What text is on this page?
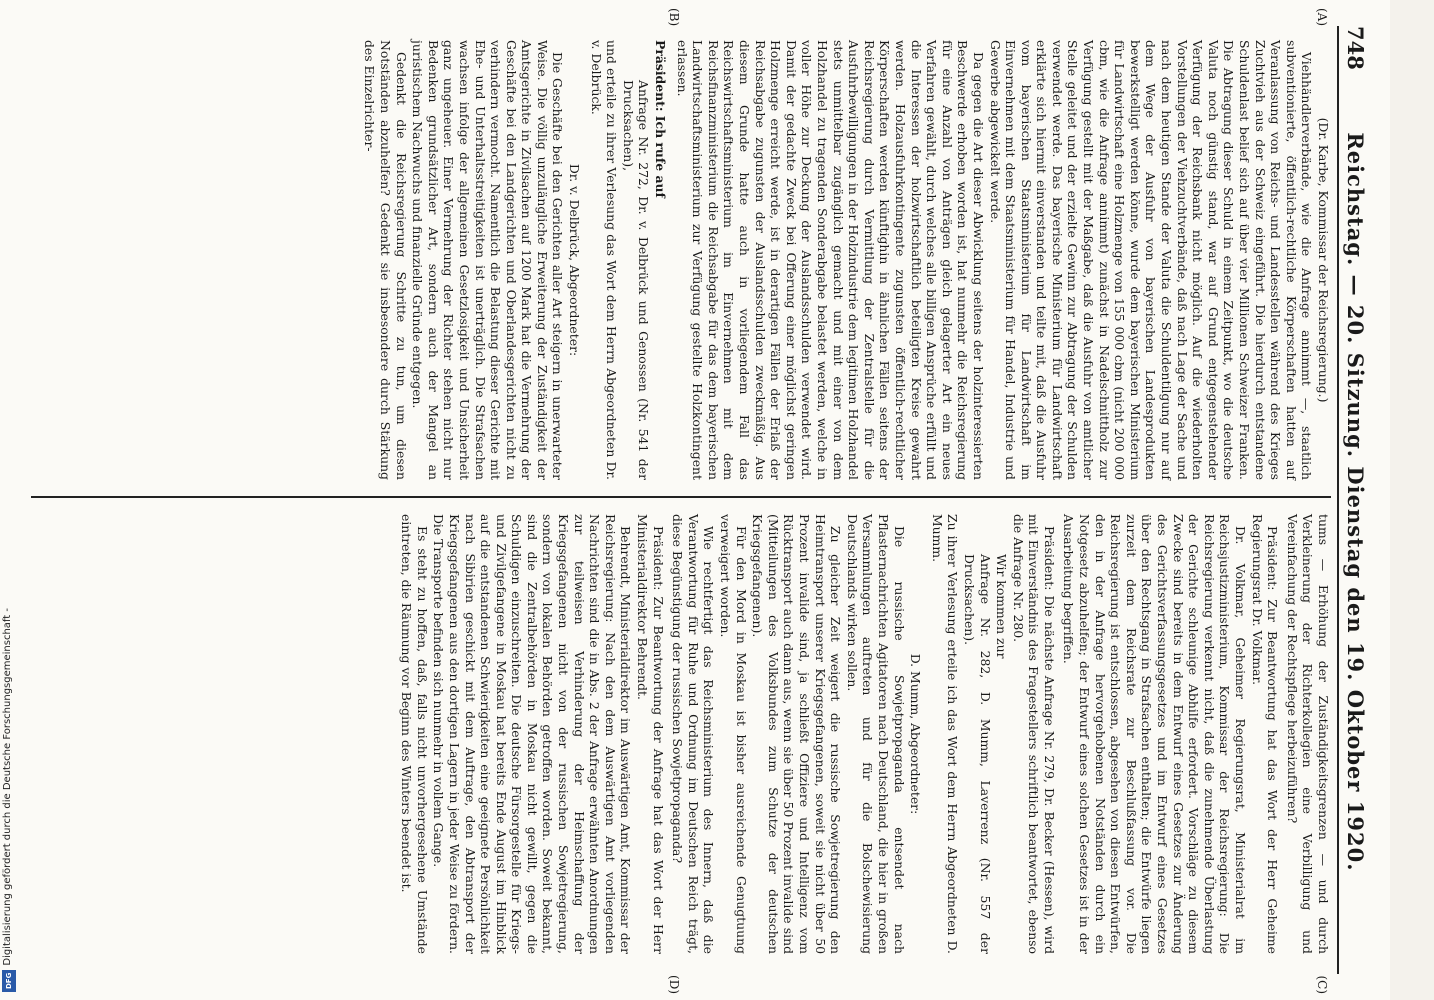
748
Reichstag. — 20. Sitzung. Dienstag den 19. Oktober 1920.
(A)
(B)
(C)
(D)

(Dr. Karbe, Kommissar der Reichsregierung.)

Viehhändlerverbände, wie die Anfrage annimmt —, staatlich subventionierte, öffentlich-rechtliche Körperschaften hatten auf Veranlassung von Reichs- und Landesstellen während des Krieges Zuchtvieh aus der Schweiz eingeführt. Die hierdurch entstandene Schuldenlast belief sich auf über vier Millionen Schweizer Franken. Die Abtragung dieser Schuld in einem Zeitpunkt, wo die deutsche Valuta noch günstig stand, war auf Grund entgegenstehender Verfügung der Reichsbank nicht möglich. Auf die wiederholten Vorstellungen der Viehzuchtverbände, daß nach Lage der Sache und nach dem heutigen Stande der Valuta die Schuldentilgung nur auf dem Wege der Ausfuhr von bayerischen Landesprodukten bewerkstelligt werden könne, wurde dem bayerischen Ministerium für Landwirtschaft eine Holzmenge von 155 000 cbm (nicht 200 000 cbm, wie die Anfrage annimmt) zunächst in Nadelschnittholz zur Verfügung gestellt mit der Maßgabe, daß die Ausfuhr von amtlicher Stelle geleitet und der erzielte Gewinn zur Abtragung der Schulden verwendet werde. Das bayerische Ministerium für Landwirtschaft erklärte sich hiermit einverstanden und teilte mit, daß die Ausfuhr vom bayerischen Staatsministerium für Landwirtschaft im Einvernehmen mit dem Staatsministerium für Handel, Industrie und Gewerbe abgewickelt werde.

Da gegen die Art dieser Abwicklung seitens der holzinteressierten Beschwerde erhoben worden ist, hat nunmehr die Reichsregierung für eine Anzahl von Anträgen gleich gelagerter Art ein neues Verfahren gewählt, durch welches alle billigen Ansprüche erfüllt und die Interessen der holzwirtschaftlich beteiligten Kreise gewahrt werden. Holzausfuhrkontingente zugunsten öffentlich-rechtlicher Körperschaften werden künftighin in ähnlichen Fällen seitens der Reichsregierung durch Vermittlung der Zentralstelle für die Ausfuhrbewilligungen in der Holzindustrie dem legitimen Holzhandel stets unmittelbar zugänglich gemacht und mit einer von dem Holzhandel zu tragenden Sonderabgabe belastet werden, welche in voller Höhe zur Deckung der Auslandsschulden verwendet wird. Damit der gedachte Zweck bei Offerung einer möglichst geringen Holzmenge erreicht werde, ist in derartigen Fällen der Erlaß der Reichsabgabe zugunsten der Auslandsschulden zweckmäßig. Aus diesem Grunde hatte auch in vorliegendem Fall das Reichswirtschaftsministerium im Einvernehmen mit dem Reichsfinanzministerium die Reichsabgabe für das dem bayerischen Landwirtschaftsministerium zur Verfügung gestellte Holzkontingent erlassen.

Präsident: Ich rufe auf

Anfrage Nr. 272, Dr. v. Delbrück und Genossen (Nr. 541 der Drucksachen),

und erteile zu ihrer Verlesung das Wort dem Herrn Abgeordneten Dr. v. Delbrück.

Dr. v. Delbrück, Abgeordneter:

Die Geschäfte bei den Gerichten aller Art steigern in unerwarteter Weise. Die völlig unzulängliche Erweiterung der Zuständigkeit der Amtsgerichte in Zivilsachen auf 1200 Mark hat die Vermehrung der Geschäfte bei den Landgerichten und Oberlandesgerichten nicht zu verhindern vermocht. Namentlich die Belastung dieser Gerichte mit Ehe- und Unterhaltsstreitigkeiten ist unerträglich. Die Strafsachen wachsen infolge der allgemeinen Gesetzlosigkeit und Unsicherheit ganz ungeheuer. Einer Vermehrung der Richter stehen nicht nur Bedenken grundsätzlicher Art, sondern auch der Mangel an juristischem Nachwuchs und finanzielle Gründe entgegen.

Gedenkt die Reichsregierung Schritte zu tun, um diesen Notständen abzuhelfen? Gedenkt sie insbesondere durch Stärkung des Einzelrichter-

tums — Erhöhung der Zuständigkeitsgrenzen — und durch Verkleinerung der Richterkollegien eine Verbilligung und Vereinfachung der Rechtspflege herbeizuführen?

Präsident: Zur Beantwortung hat das Wort der Herr Geheime Regierungsrat Dr. Volkmar.

Dr. Volkmar, Geheimer Regierungsrat, Ministerialrat im Reichsjustizministerium, Kommissar der Reichsregierung: Die Reichsregierung verkennt nicht, daß die zunehmende Überlastung der Gerichte schleunige Abhilfe erfordert. Vorschläge zu diesem Zwecke sind bereits in dem Entwurf eines Gesetzes zur Änderung des Gerichtsverfassungsgesetzes und im Entwurf eines Gesetzes über den Rechtsgang in Strafsachen enthalten; die Entwürfe liegen zurzeit dem Reichsrate zur Beschlußfassung vor. Die Reichsregierung ist entschlossen, abgesehen von diesen Entwürfen, den in der Anfrage hervorgehobenen Notständen durch ein Notgesetz abzuhelfen; der Entwurf eines solchen Gesetzes ist in der Ausarbeitung begriffen.

Präsident: Die nächste Anfrage Nr. 279, Dr. Becker (Hessen), wird mit Einverständnis des Fragestellers schriftlich beantwortet, ebenso die Anfrage Nr. 280.

Wir kommen zur

Anfrage Nr. 282, D. Mumm, Laverrenz (Nr. 557 der Drucksachen).

Zu ihrer Verlesung erteile ich das Wort dem Herrn Abgeordneten D. Mumm.

D. Mumm, Abgeordneter:

Die russische Sowjetpropaganda entsendet nach Pflasternachrichten Agitatoren nach Deutschland, die hier in großen Versammlungen auftreten und für die Bolschewisierung Deutschlands wirken sollen.

Zu gleicher Zeit weigert die russische Sowjetregierung den Heimtransport unserer Kriegsgefangenen, soweit sie nicht über 50 Prozent invalide sind, ja schließt Offiziere und Intelligenz vom Rücktransport auch dann aus, wenn sie über 50 Prozent invalide sind (Mitteilungen des Volksbundes zum Schutze der deutschen Kriegsgefangenen).

Für den Mord in Moskau ist bisher ausreichende Genugtuung verweigert worden.

Wie rechtfertigt das Reichsministerium des Innern, daß die Verantwortung für Ruhe und Ordnung im Deutschen Reich trägt, diese Begünstigung der russischen Sowjetpropaganda?

Präsident: Zur Beantwortung der Anfrage hat das Wort der Herr Ministerialdirektor Behrendt.

Behrendt, Ministerialdirektor im Auswärtigen Amt, Kommissar der Reichsregierung: Nach den dem Auswärtigen Amt vorliegenden Nachrichten sind die in Abs. 2 der Anfrage erwähnten Anordnungen zur teilweisen Verhinderung der Heimschaffung der Kriegsgefangenen nicht von der russischen Sowjetregierung, sondern von lokalen Behörden getroffen worden. Soweit bekannt, sind die Zentralbehörden in Moskau nicht gewillt, gegen die Schuldigen einzuschreiten. Die deutsche Fürsorgestelle für Kriegs- und Zivilgefangene in Moskau hat bereits Ende August im Hinblick auf die entstandenen Schwierigkeiten eine geeignete Persönlichkeit nach Sibirien geschickt mit dem Auftrage, den Abtransport der Kriegsgefangenen aus den dortigen Lagern in jeder Weise zu fördern. Die Transporte befinden sich nunmehr in vollem Gange.

Es steht zu hoffen, daß, falls nicht unvorhergesehene Umstände eintreten, die Räumung vor Beginn des Winters beendet ist.

Digitalisierung gefördert durch die Deutsche Forschungsgemeinschaft -
DFG
